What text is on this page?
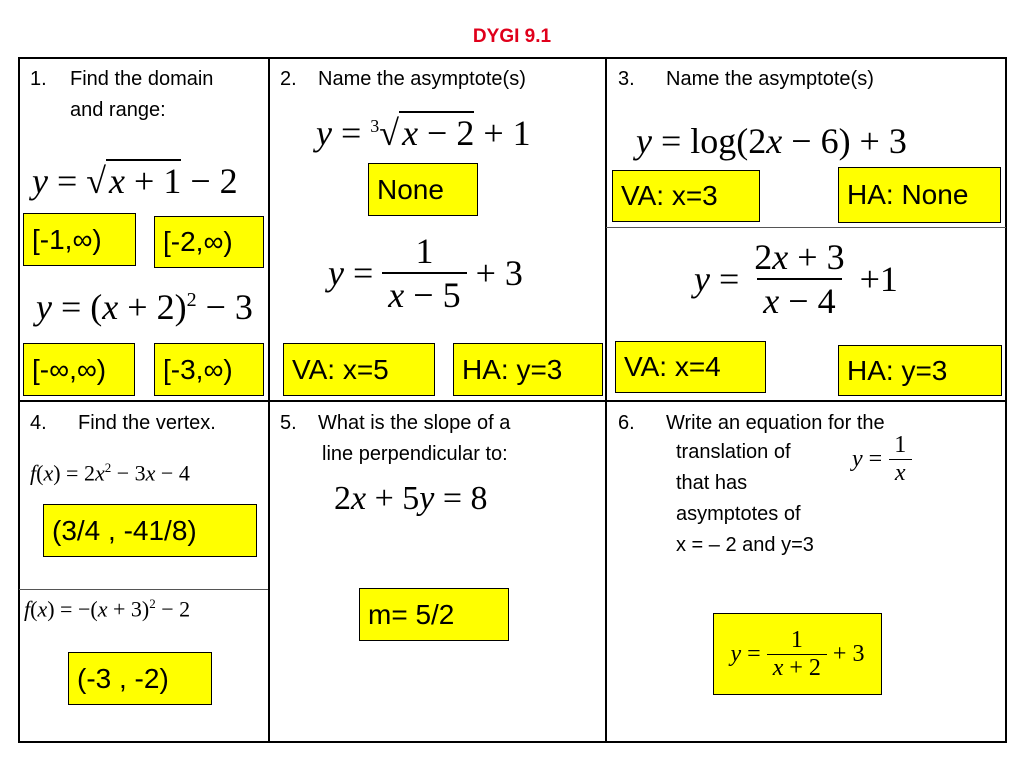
DYGI 9.1
1. Find the domain
and range:
y = √x + 1 − 2
[-1,∞)	[-2,∞)
$y = (x + 2)^2 - 3$
[-∞,∞)	[-3,∞)
2. Name the asymptote(s)
y = $^3$√x − 2 + 1
None
$y = \frac{1}{x - 5} + 3$
VA: x=5	HA: y=3
3. Name the asymptote(s)
y = log(2x − 6) + 3
VA: x=3	HA: None
$y = \frac{2x + 3}{x - 4} +1$
VA: x=4	HA: y=3
4. Find the vertex.
$f(x) = 2x^2 - 3x - 4$
(3/4 , -41/8)
$f(x) = -(x + 3)^2 - 2$
(-3 , -2)
5. What is the slope of a
line perpendicular to:
2x + 5y = 8
m= 5/2
6. Write an equation for the
translation of
that has
asymptotes of
x = – 2 and y=3
$y = \frac{1}{x}$
$y = \frac{1}{x + 2} + 3$
